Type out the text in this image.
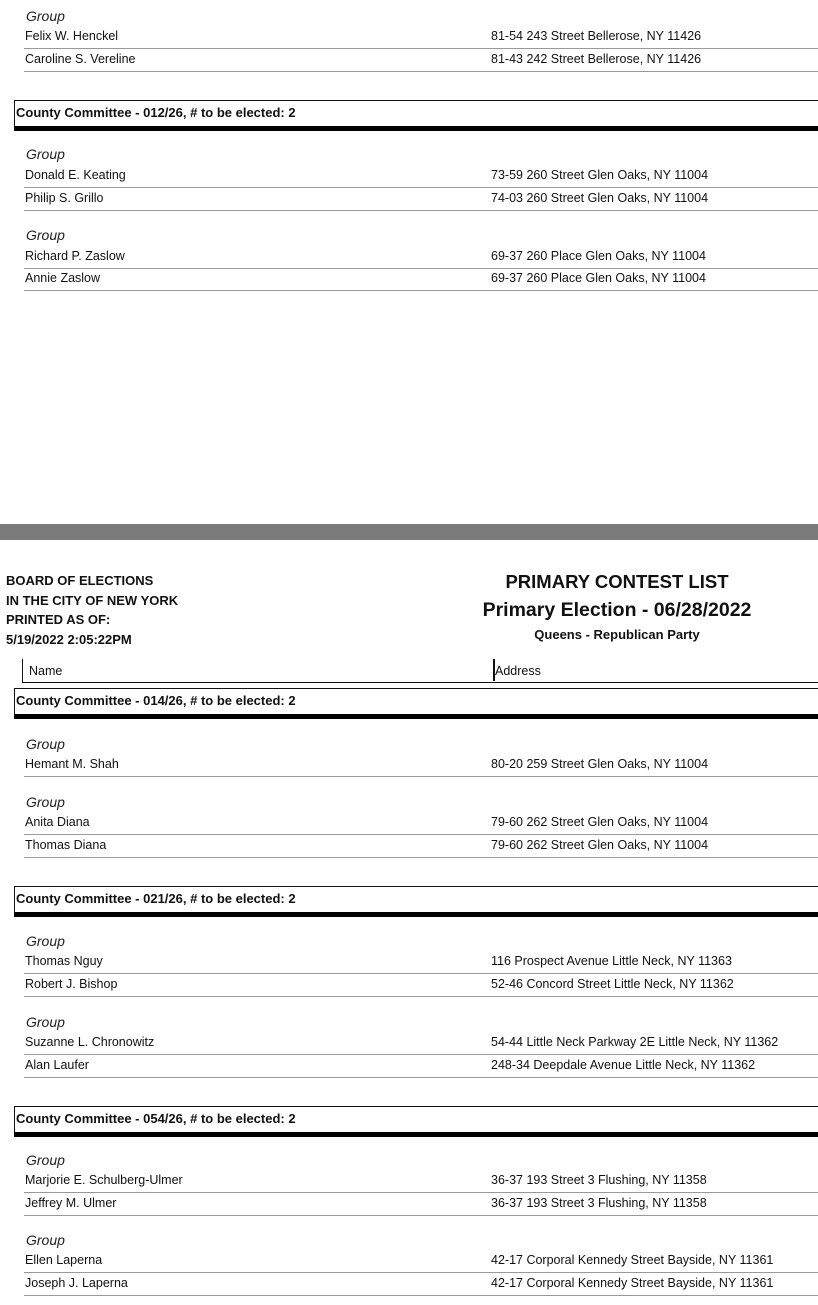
Group
Felix W. Henckel	81-54 243 Street Bellerose, NY 11426
Caroline S. Vereline	81-43 242 Street Bellerose, NY 11426
County Committee - 012/26, # to be elected: 2
Group
Donald E. Keating	73-59 260 Street Glen Oaks, NY 11004
Philip S. Grillo	74-03 260 Street Glen Oaks, NY 11004
Group
Richard P. Zaslow	69-37 260 Place Glen Oaks, NY 11004
Annie Zaslow	69-37 260 Place Glen Oaks, NY 11004
BOARD OF ELECTIONS
IN THE CITY OF NEW YORK
PRINTED AS OF:
5/19/2022 2:05:22PM
PRIMARY CONTEST LIST
Primary Election - 06/28/2022
Queens - Republican Party
Name	Address
County Committee - 014/26, # to be elected: 2
Group
Hemant M. Shah	80-20 259 Street Glen Oaks, NY 11004
Group
Anita Diana	79-60 262 Street Glen Oaks, NY 11004
Thomas Diana	79-60 262 Street Glen Oaks, NY 11004
County Committee - 021/26, # to be elected: 2
Group
Thomas Nguy	116 Prospect Avenue Little Neck, NY 11363
Robert J. Bishop	52-46 Concord Street Little Neck, NY 11362
Group
Suzanne L. Chronowitz	54-44 Little Neck Parkway 2E Little Neck, NY 11362
Alan Laufer	248-34 Deepdale Avenue Little Neck, NY 11362
County Committee - 054/26, # to be elected: 2
Group
Marjorie E. Schulberg-Ulmer	36-37 193 Street 3 Flushing, NY 11358
Jeffrey M. Ulmer	36-37 193 Street 3 Flushing, NY 11358
Group
Ellen Laperna	42-17 Corporal Kennedy Street Bayside, NY 11361
Joseph J. Laperna	42-17 Corporal Kennedy Street Bayside, NY 11361
